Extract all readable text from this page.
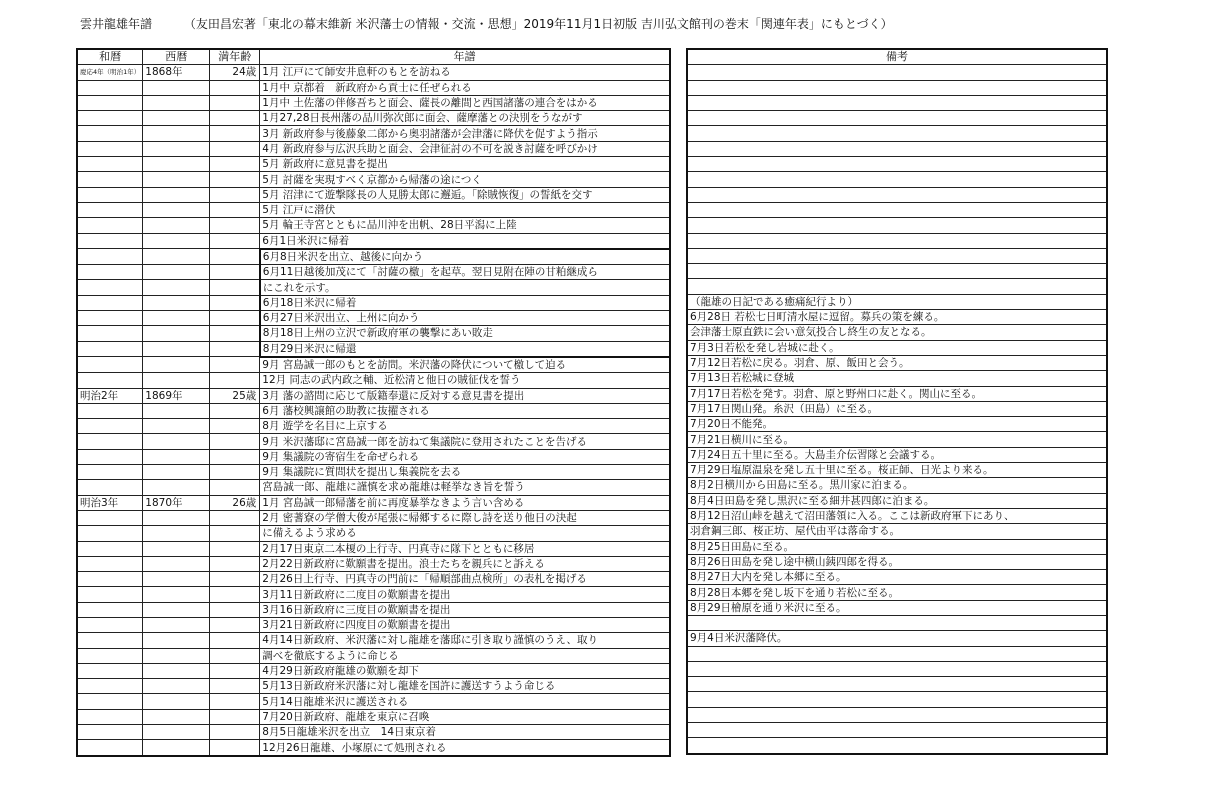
雲井龍雄年譜	（友田昌宏著「東北の幕末維新 米沢藩士の情報・交流・思想」2019年11月1日初版 吉川弘文館刊の巻末「関連年表」にもとづく）
和暦	西暦	満年齢	年譜
慶応4年（明治1年）	1868年	24歳	1月 江戸にて師安井息軒のもとを訪ねる
			1月中 京都着　新政府から貢士に任ぜられる
			1月中 土佐藩の伴修吾ちと面会、薩長の離間と西国諸藩の連合をはかる
			1月27,28日長州藩の品川弥次郎に面会、薩摩藩との決別をうながす
			3月 新政府参与後藤象二郎から奥羽諸藩が会津藩に降伏を促すよう指示
			4月 新政府参与広沢兵助と面会、会津征討の不可を説き討薩を呼びかけ
			5月 新政府に意見書を提出
			5月 討薩を実現すべく京都から帰藩の途につく
			5月 沼津にて遊撃隊長の人見勝太郎に邂逅。「除賊恢復」の誓紙を交す
			5月 江戸に潜伏
			5月 輪王寺宮とともに品川沖を出帆、28日平潟に上陸
			6月1日米沢に帰着
			6月8日米沢を出立、越後に向かう
			6月11日越後加茂にて「討薩の檄」を起草。翌日見附在陣の甘粕継成ら
			にこれを示す。
			6月18日米沢に帰着
			6月27日米沢出立、上州に向かう
			8月18日上州の立沢で新政府軍の襲撃にあい敗走
			8月29日米沢に帰還
			9月 宮島誠一郎のもとを訪問。米沢藩の降伏について檄して迫る
			12月 同志の武内政之輔、近松清と他日の賊征伐を誓う
明治2年	1869年	25歳	3月 藩の諮問に応じて版籍奉還に反対する意見書を提出
			6月 藩校興譲館の助教に抜擢される
			8月 遊学を名目に上京する
			9月 米沢藩邸に宮島誠一郎を訪ねて集議院に登用されたことを告げる
			9月 集議院の寄宿生を命ぜられる
			9月 集議院に質問状を提出し集義院を去る
			宮島誠一郎、龍雄に謹慎を求め龍雄は軽挙なき旨を誓う
明治3年	1870年	26歳	1月 宮島誠一郎帰藩を前に再度暴挙なきよう言い含める
			2月 密蓍寮の学僧大俊が尾張に帰郷するに際し詩を送り他日の決起
			に備えるよう求める
			2月17日東京二本榎の上行寺、円真寺に隊下とともに移居
			2月22日新政府に歎願書を提出。浪士たちを親兵にと訴える
			2月26日上行寺、円真寺の門前に「帰順部曲点検所」の表札を掲げる
			3月11日新政府に二度目の歎願書を提出
			3月16日新政府に三度目の歎願書を提出
			3月21日新政府に四度目の歎願書を提出
			4月14日新政府、米沢藩に対し龍雄を藩邸に引き取り謹慎のうえ、取り
			調べを徹底するように命じる
			4月29日新政府龍雄の歎願を却下
			5月13日新政府米沢藩に対し龍雄を国許に護送すうよう命じる
			5月14日龍雄米沢に護送される
			7月20日新政府、龍雄を東京に召喚
			8月5日龍雄米沢を出立　14日東京着
			12月26日龍雄、小塚原にて処刑される
備考

（龍雄の日記である癒痛紀行より）
6月28日 若松七日町清水屋に逗留。募兵の策を練る。
会津藩士原直鉄に会い意気投合し終生の友となる。
7月3日若松を発し岩城に赴く。
7月12日若松に戻る。羽倉、原、飯田と会う。
7月13日若松城に登城
7月17日若松を発す。羽倉、原と野州口に赴く。関山に至る。
7月17日関山発。糸沢（田島）に至る。
7月20日不能発。
7月21日横川に至る。
7月24日五十里に至る。大島圭介伝習隊と会議する。
7月29日塩原温泉を発し五十里に至る。桜正師、日光より来る。
8月2日横川から田島に至る。黒川家に泊まる。
8月4日田島を発し黒沢に至る細井甚四郎に泊まる。
8月12日沼山峠を越えて沼田藩領に入る。ここは新政府軍下にあり、
羽倉鋼三郎、桜正坊、屋代由平は落命する。
8月25日田島に至る。
8月26日田島を発し途中横山銕四郎を得る。
8月27日大内を発し本郷に至る。
8月28日本郷を発し坂下を通り若松に至る。
8月29日檜原を通り米沢に至る。

9月4日米沢藩降伏。
